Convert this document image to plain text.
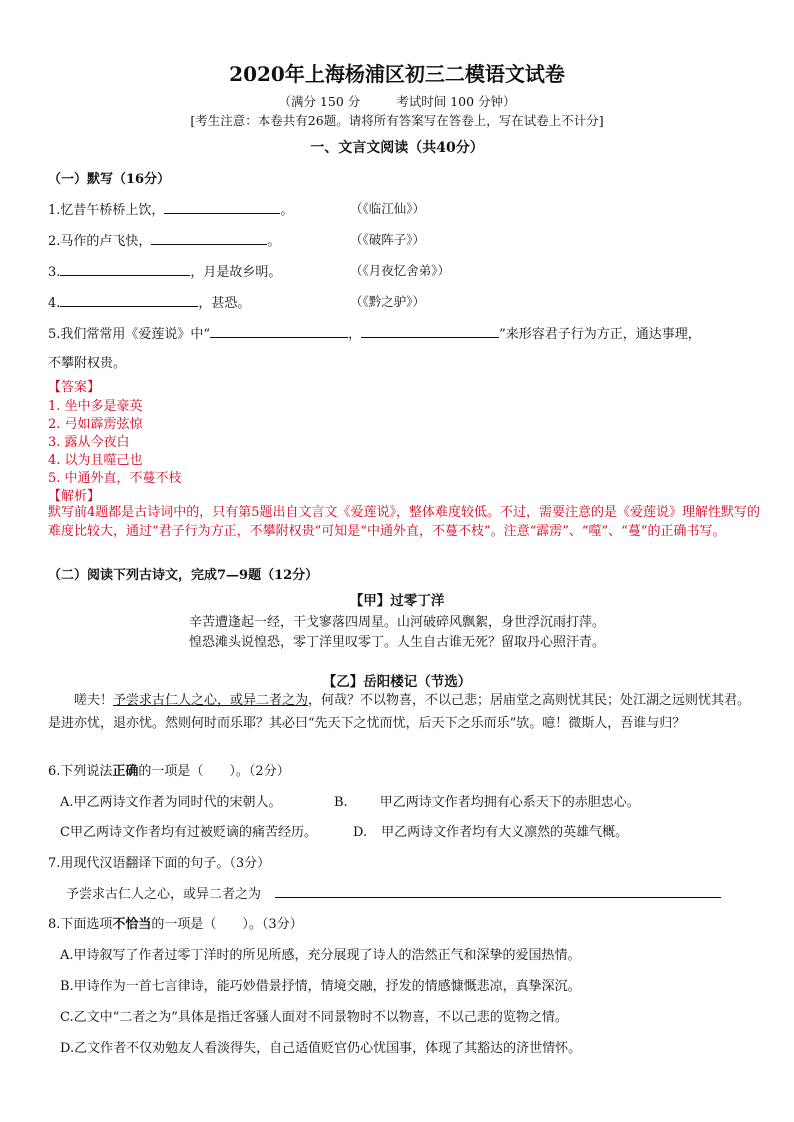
2020年上海杨浦区初三二模语文试卷
（满分 150 分	考试时间 100 分钟）
[考生注意：本卷共有26题。请将所有答案写在答卷上，写在试卷上不计分]
一、文言文阅读（共40分）
（一）默写（16分）
1.忆昔午桥桥上饮，	。	（《临江仙》）
2.马作的卢飞快，	。	（《破阵子》）
3.	，月是故乡明。	（《月夜忆舍弟》）
4.	，甚恐。	（《黔之驴》）
5.我们常常用《爱莲说》中“	，	”来形容君子行为方正，通达事理，
不攀附权贵。
【答案】
1. 坐中多是豪英
2. 弓如霹雳弦惊
3. 露从今夜白
4. 以为且噬己也
5. 中通外直，不蔓不枝
【解析】
默写前4题都是古诗词中的，只有第5题出自文言文《爱莲说》，整体难度较低。不过，需要注意的是《爱莲说》理解性默写的难度比较大，通过“君子行为方正，不攀附权贵”可知是“中通外直，不蔓不枝”。注意“霹雳”、“噬”、“蔓”的正确书写。
（二）阅读下列古诗文，完成7—9题（12分）
【甲】过零丁洋
辛苦遭逢起一经，干戈寥落四周星。山河破碎风飘絮，身世浮沉雨打萍。
惶恐滩头说惶恐，零丁洋里叹零丁。人生自古谁无死？留取丹心照汗青。
【乙】岳阳楼记（节选）
嗟夫！予尝求古仁人之心，或异二者之为，何哉？不以物喜，不以己悲；居庙堂之高则忧其民；处江湖之远则忧其君。是进亦忧，退亦忧。然则何时而乐耶？其必曰“先天下之忧而忧，后天下之乐而乐”欤。噫！微斯人，吾谁与归？
6.下列说法正确的一项是（　　）。（2分）
A.甲乙两诗文作者为同时代的宋朝人。	B. 甲乙两诗文作者均拥有心系天下的赤胆忠心。
C甲乙两诗文作者均有过被贬谪的痛苦经历。	D. 甲乙两诗文作者均有大义凛然的英雄气概。
7.用现代汉语翻译下面的句子。（3分）
予尝求古仁人之心，或异二者之为
8.下面选项不恰当的一项是（　　）。（3分）
A.甲诗叙写了作者过零丁洋时的所见所感，充分展现了诗人的浩然正气和深挚的爱国热情。
B.甲诗作为一首七言律诗，能巧妙借景抒情，情境交融，抒发的情感慷慨悲凉，真挚深沉。
C.乙文中“二者之为”具体是指迁客骚人面对不同景物时不以物喜，不以己悲的览物之情。
D.乙文作者不仅劝勉友人看淡得失，自己适值贬官仍心忧国事，体现了其豁达的济世情怀。
